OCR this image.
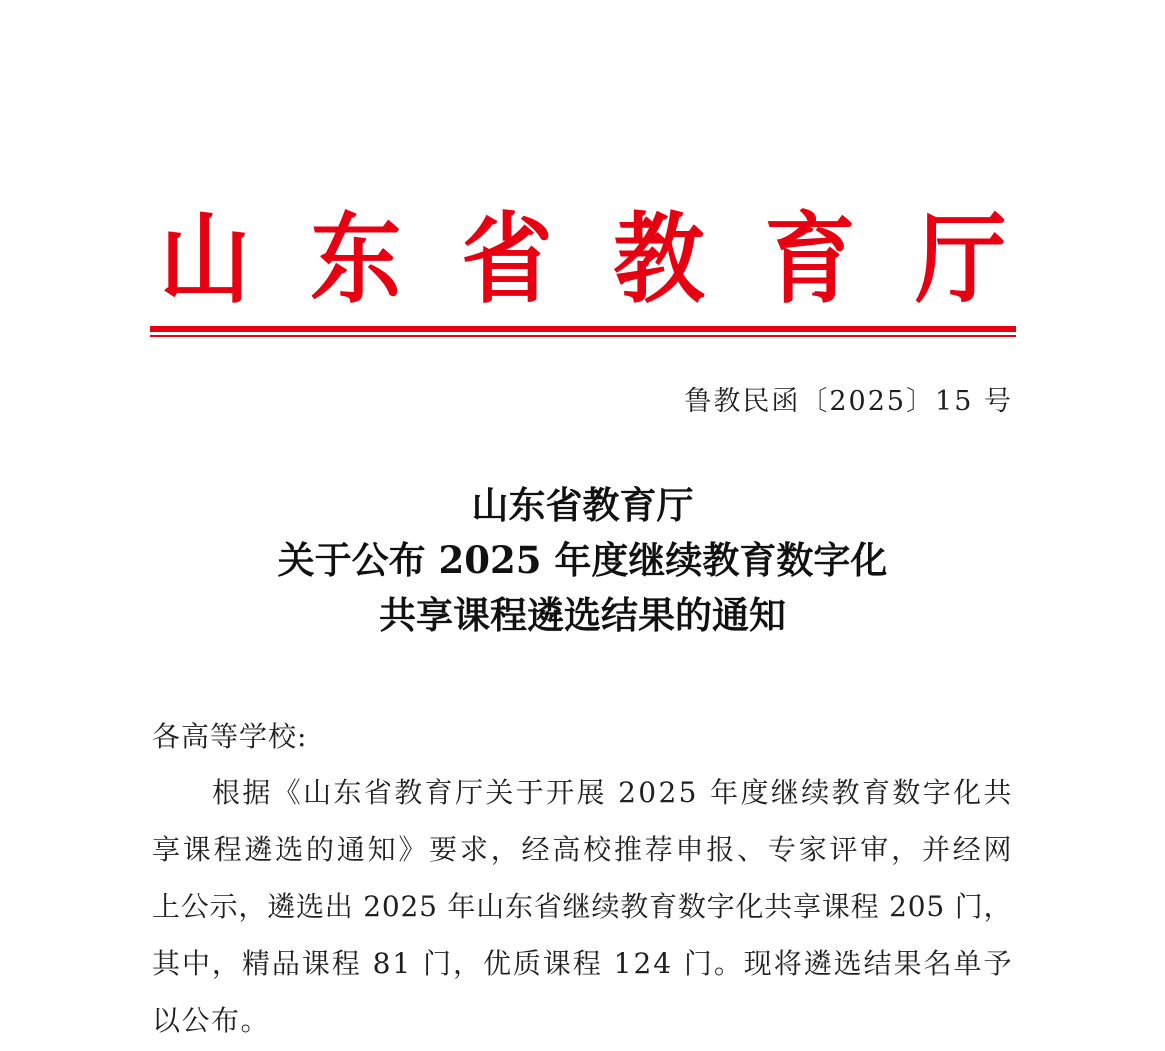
山 东 省 教 育 厅
鲁教民函〔2025〕15 号
山东省教育厅
关于公布 2025 年度继续教育数字化
共享课程遴选结果的通知
各高等学校:
根据《山东省教育厅关于开展 2025 年度继续教育数字化共
享课程遴选的通知》要求，经高校推荐申报、专家评审，并经网
上公示，遴选出 2025 年山东省继续教育数字化共享课程 205 门，
其中，精品课程 81 门，优质课程 124 门。现将遴选结果名单予
以公布。
